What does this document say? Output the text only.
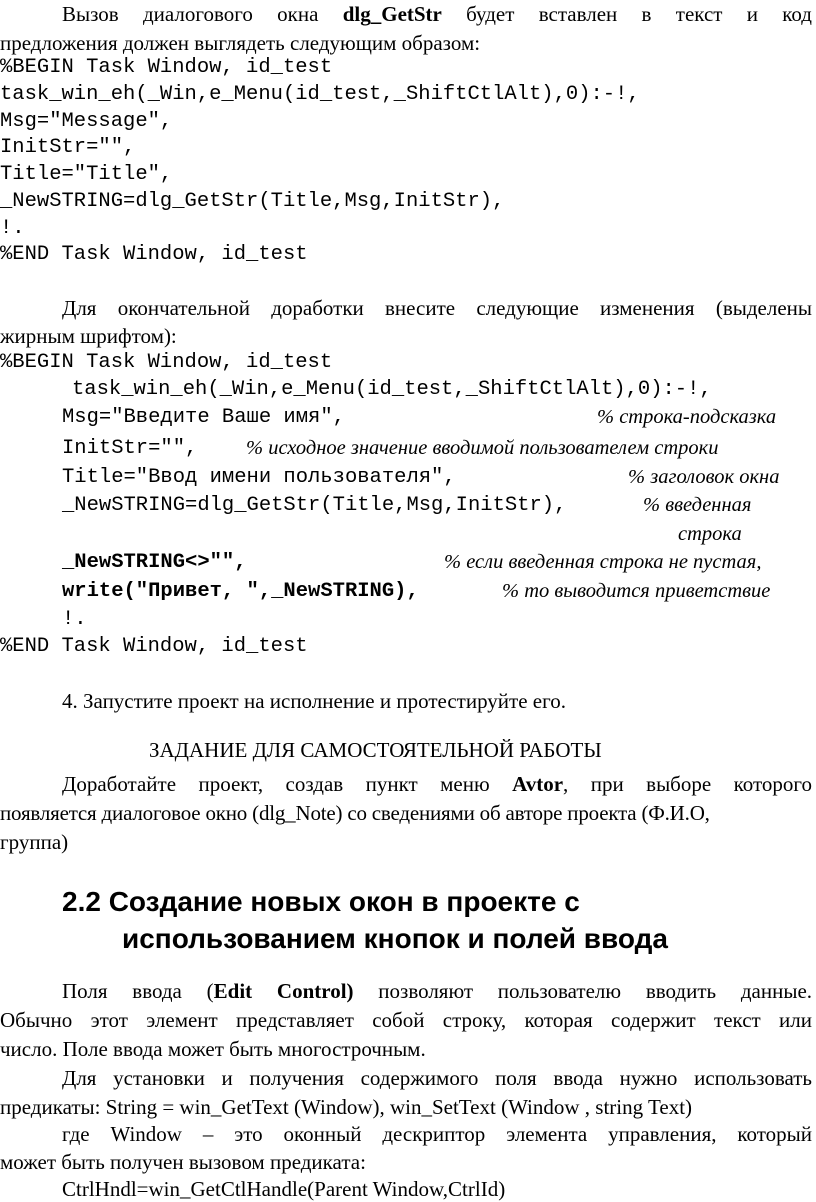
Вызов диалогового окна dlg_GetStr будет вставлен в текст и код
предложения должен выглядеть следующим образом:
%BEGIN Task Window, id_test
task_win_eh(_Win,e_Menu(id_test,_ShiftCtlAlt),0):-!,
Msg="Message",
InitStr="",
Title="Title",
_NewSTRING=dlg_GetStr(Title,Msg,InitStr),
!.
%END Task Window, id_test
Для окончательной доработки внесите следующие изменения (выделены
жирным шрифтом):
%BEGIN Task Window, id_test
task_win_eh(_Win,e_Menu(id_test,_ShiftCtlAlt),0):-!,
Msg="Введите Ваше имя",	% строка-подсказка
InitStr="",	% исходное значение вводимой пользователем строки
Title="Ввод имени пользователя",	% заголовок окна
_NewSTRING=dlg_GetStr(Title,Msg,InitStr),	% введенная
строка
_NewSTRING<>"",	% если введенная строка не пустая,
write("Привет, ",_NewSTRING),	% то выводится приветствие
!.
%END Task Window, id_test
4. Запустите проект на исполнение и протестируйте его.
ЗАДАНИЕ ДЛЯ САМОСТОЯТЕЛЬНОЙ РАБОТЫ
Доработайте проект, создав пункт меню Avtor, при выборе которого
появляется диалоговое окно (dlg_Note) со сведениями об авторе проекта (Ф.И.О,
группа)
2.2 Создание новых окон в проекте с
использованием кнопок и полей ввода
Поля ввода (Edit Control) позволяют пользователю вводить данные.
Обычно этот элемент представляет собой строку, которая содержит текст или
число. Поле ввода может быть многострочным.
Для установки и получения содержимого поля ввода нужно использовать
предикаты: String = win_GetText (Window), win_SetText (Window , string Text)
где Window – это оконный дескриптор элемента управления, который
может быть получен вызовом предиката:
CtrlHndl=win_GetCtlHandle(Parent Window,CtrlId)
